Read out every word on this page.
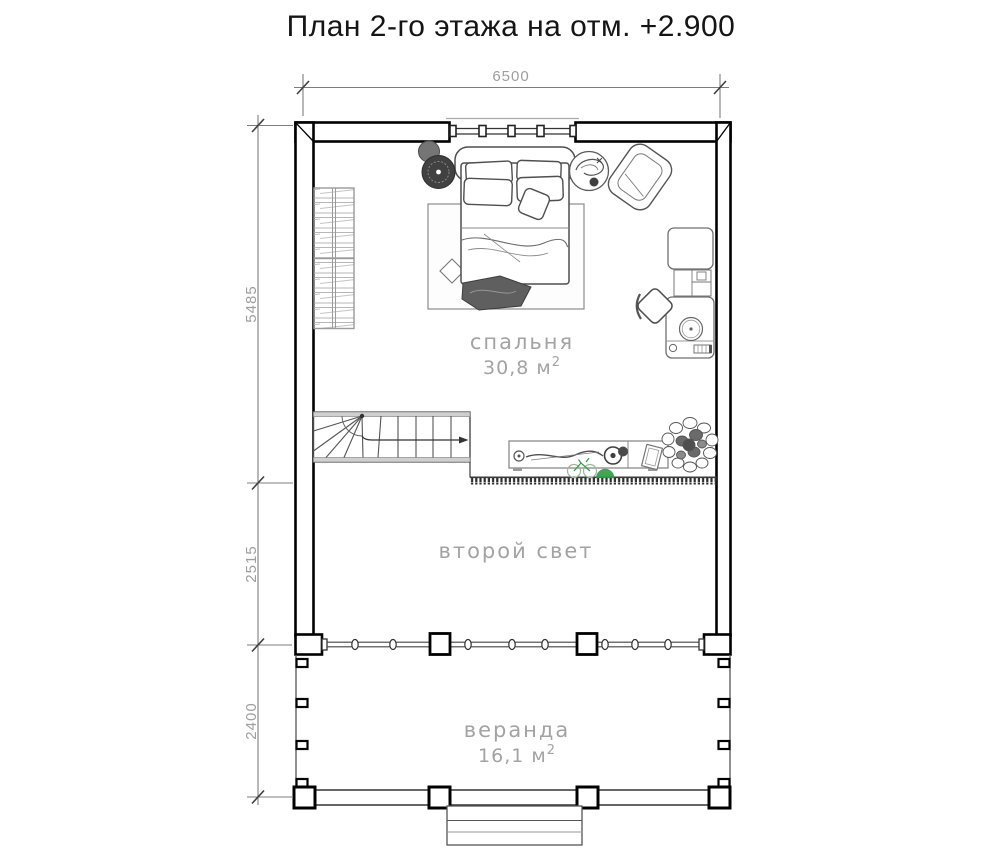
План 2-го этажа на отм. +2.900
6500
5485
2515
2400
спальня
30,8 $м^2$
второй свет
веранда
16,1 $м^2$
